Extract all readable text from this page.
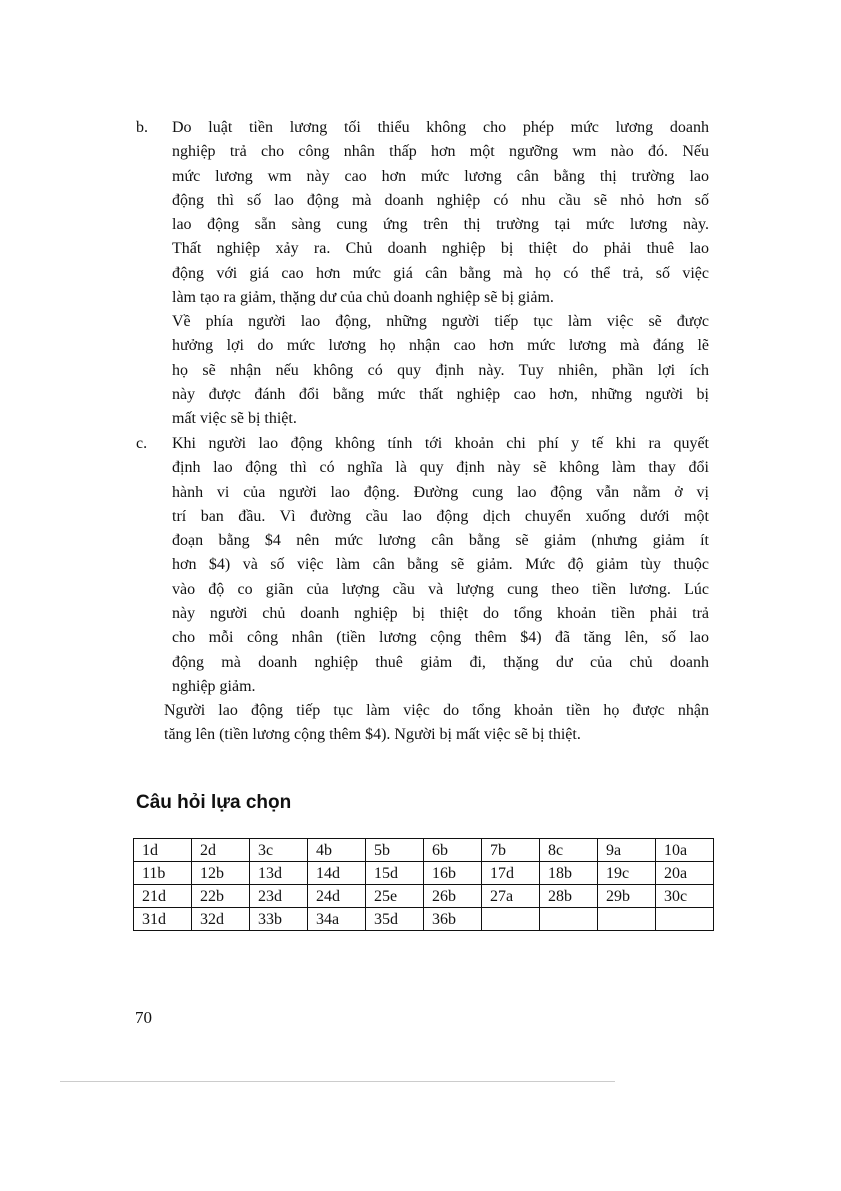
b. Do luật tiền lương tối thiểu không cho phép mức lương doanh
nghiệp trả cho công nhân thấp hơn một ngưỡng wm nào đó. Nếu
mức lương wm này cao hơn mức lương cân bằng thị trường lao
động thì số lao động mà doanh nghiệp có nhu cầu sẽ nhỏ hơn số
lao động sẵn sàng cung ứng trên thị trường tại mức lương này.
Thất nghiệp xảy ra. Chủ doanh nghiệp bị thiệt do phải thuê lao
động với giá cao hơn mức giá cân bằng mà họ có thể trả, số việc
làm tạo ra giảm, thặng dư của chủ doanh nghiệp sẽ bị giảm.
Về phía người lao động, những người tiếp tục làm việc sẽ được
hưởng lợi do mức lương họ nhận cao hơn mức lương mà đáng lẽ
họ sẽ nhận nếu không có quy định này. Tuy nhiên, phần lợi ích
này được đánh đổi bằng mức thất nghiệp cao hơn, những người bị
mất việc sẽ bị thiệt.
c. Khi người lao động không tính tới khoản chi phí y tế khi ra quyết
định lao động thì có nghĩa là quy định này sẽ không làm thay đổi
hành vi của người lao động. Đường cung lao động vẫn nằm ở vị
trí ban đầu. Vì đường cầu lao động dịch chuyển xuống dưới một
đoạn bằng $4 nên mức lương cân bằng sẽ giảm (nhưng giảm ít
hơn $4) và số việc làm cân bằng sẽ giảm. Mức độ giảm tùy thuộc
vào độ co giãn của lượng cầu và lượng cung theo tiền lương. Lúc
này người chủ doanh nghiệp bị thiệt do tổng khoản tiền phải trả
cho mỗi công nhân (tiền lương cộng thêm $4) đã tăng lên, số lao
động mà doanh nghiệp thuê giảm đi, thặng dư của chủ doanh
nghiệp giảm.
Người lao động tiếp tục làm việc do tổng khoản tiền họ được nhận
tăng lên (tiền lương cộng thêm $4). Người bị mất việc sẽ bị thiệt.
Câu hỏi lựa chọn
1d	2d	3c	4b	5b	6b	7b	8c	9a	10a
11b	12b	13d	14d	15d	16b	17d	18b	19c	20a
21d	22b	23d	24d	25e	26b	27a	28b	29b	30c
31d	32d	33b	34a	35d	36b				
70
